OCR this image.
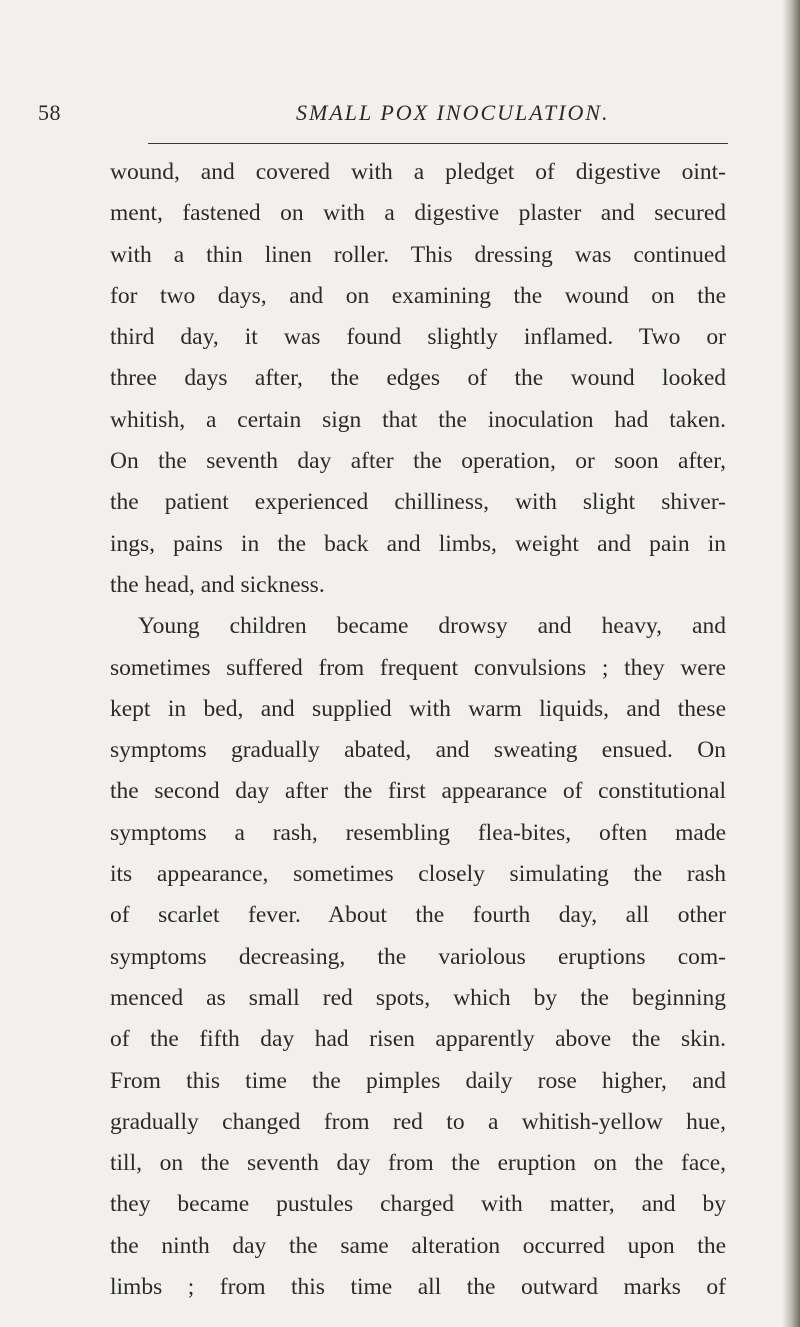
58	SMALL POX INOCULATION.
wound, and covered with a pledget of digestive oint-
ment, fastened on with a digestive plaster and secured
with a thin linen roller. This dressing was continued
for two days, and on examining the wound on the
third day, it was found slightly inflamed. Two or
three days after, the edges of the wound looked
whitish, a certain sign that the inoculation had taken.
On the seventh day after the operation, or soon after,
the patient experienced chilliness, with slight shiver-
ings, pains in the back and limbs, weight and pain in
the head, and sickness.
Young children became drowsy and heavy, and
sometimes suffered from frequent convulsions ; they were
kept in bed, and supplied with warm liquids, and these
symptoms gradually abated, and sweating ensued. On
the second day after the first appearance of constitutional
symptoms a rash, resembling flea-bites, often made
its appearance, sometimes closely simulating the rash
of scarlet fever. About the fourth day, all other
symptoms decreasing, the variolous eruptions com-
menced as small red spots, which by the beginning
of the fifth day had risen apparently above the skin.
From this time the pimples daily rose higher, and
gradually changed from red to a whitish-yellow hue,
till, on the seventh day from the eruption on the face,
they became pustules charged with matter, and by
the ninth day the same alteration occurred upon the
limbs ; from this time all the outward marks of
